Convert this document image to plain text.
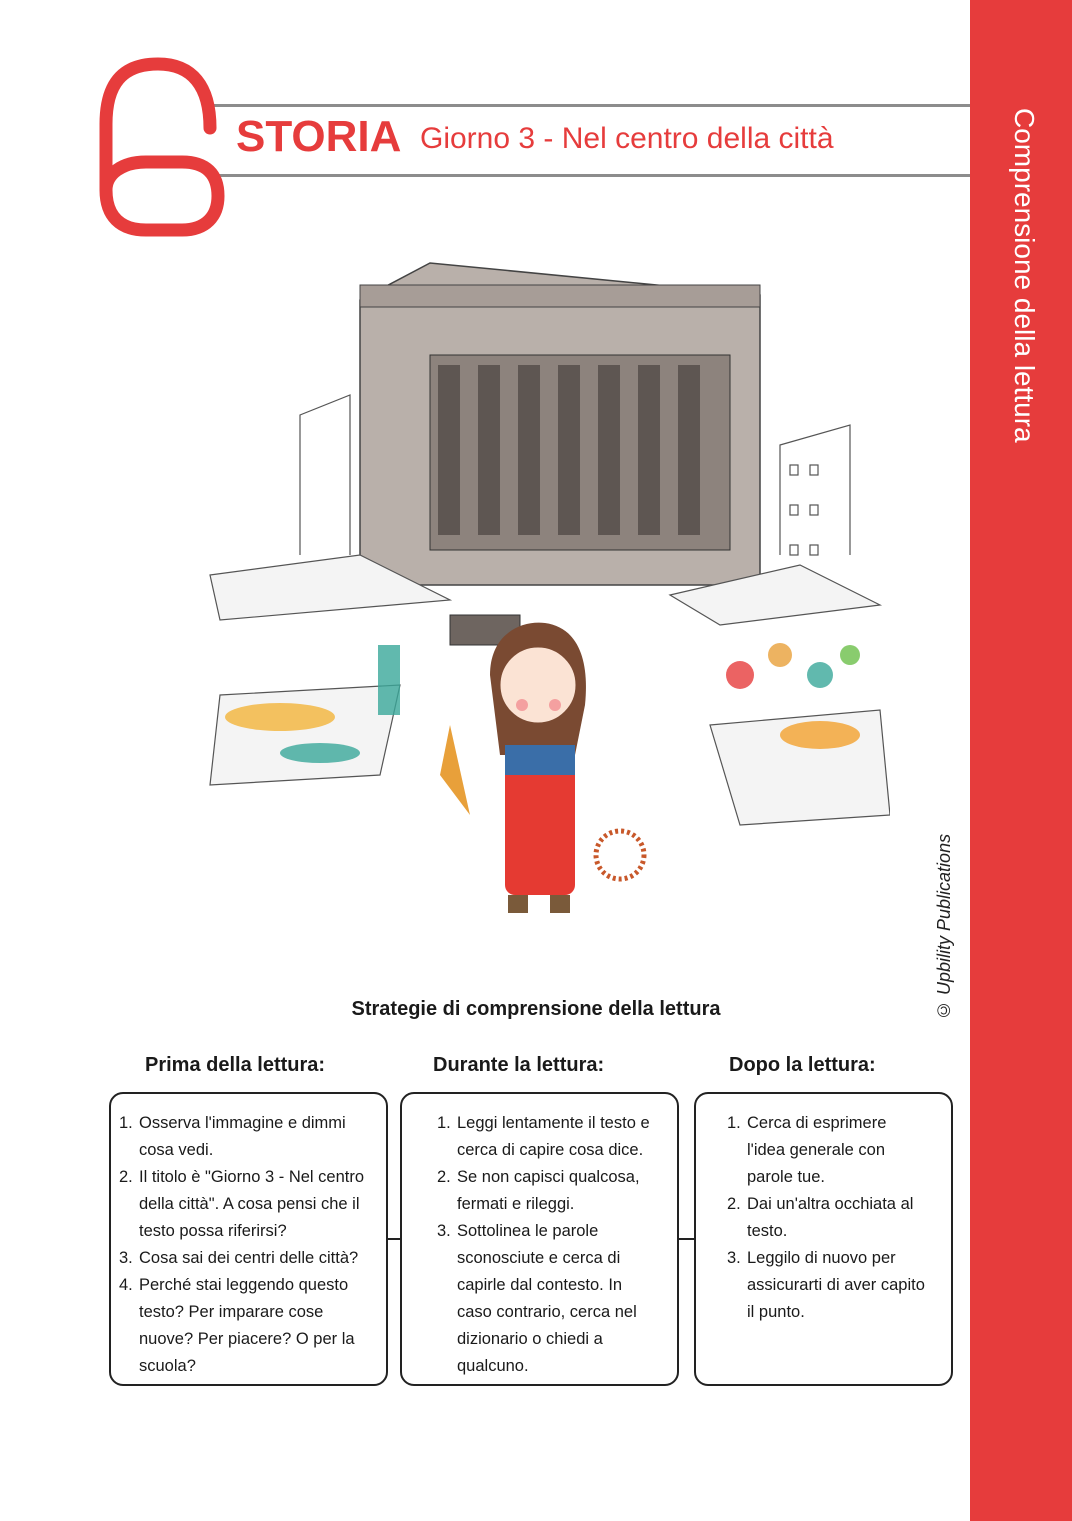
Comprensione della lettura
© Upbility Publications
6
STORIA Giorno 3 - Nel centro della città
Strategie di comprensione della lettura
Prima della lettura:	Durante la lettura:	Dopo la lettura:
1. Osserva l'immagine e dimmi cosa vedi.
2. Il titolo è "Giorno 3 - Nel centro della città". A cosa pensi che il testo possa riferirsi?
3. Cosa sai dei centri delle città?
4. Perché stai leggendo questo testo? Per imparare cose nuove? Per piacere? O per la scuola?
1. Leggi lentamente il testo e cerca di capire cosa dice.
2. Se non capisci qualcosa, fermati e rileggi.
3. Sottolinea le parole sconosciute e cerca di capirle dal contesto. In caso contrario, cerca nel dizionario o chiedi a qualcuno.
1. Cerca di esprimere l'idea generale con parole tue.
2. Dai un'altra occhiata al testo.
3. Leggilo di nuovo per assicurarti di aver capito il punto.
